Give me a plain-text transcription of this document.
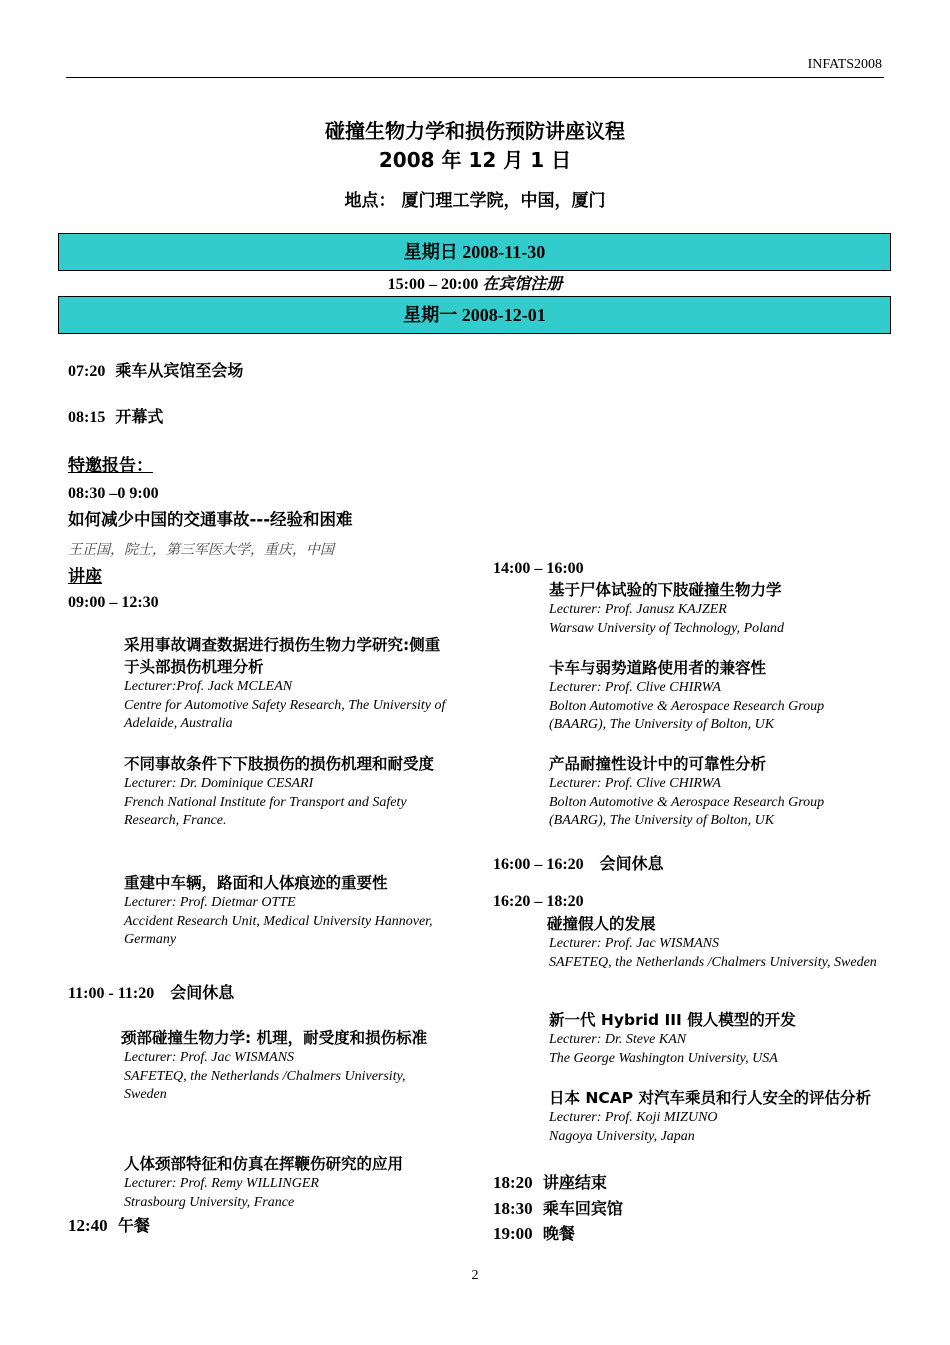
INFATS2008
碰撞生物力学和损伤预防讲座议程
2008 年 12 月 1 日
地点： 厦门理工学院，中国，厦门
星期日 2008-11-30
15:00 – 20:00 在宾馆注册
星期一 2008-12-01
07:20 乘车从宾馆至会场
08:15 开幕式
特邀报告：
08:30 –0 9:00
如何减少中国的交通事故---经验和困难
王正国，院士，第三军医大学，重庆，中国
讲座
09:00 – 12:30
采用事故调查数据进行损伤生物力学研究:侧重于头部损伤机理分析
Lecturer:Prof. Jack MCLEAN
Centre for Automotive Safety Research, The University of Adelaide, Australia
不同事故条件下下肢损伤的损伤机理和耐受度
Lecturer: Dr. Dominique CESARI
French National Institute for Transport and Safety Research, France.
重建中车辆，路面和人体痕迹的重要性
Lecturer: Prof. Dietmar OTTE
Accident Research Unit, Medical University Hannover, Germany
11:00 - 11:20 会间休息
颈部碰撞生物力学: 机理，耐受度和损伤标准
Lecturer: Prof. Jac WISMANS
SAFETEQ, the Netherlands /Chalmers University, Sweden
人体颈部特征和仿真在挥鞭伤研究的应用
Lecturer: Prof. Remy WILLINGER
Strasbourg University, France
12:40 午餐
14:00 – 16:00
基于尸体试验的下肢碰撞生物力学
Lecturer: Prof. Janusz KAJZER
Warsaw University of Technology, Poland
卡车与弱势道路使用者的兼容性
Lecturer: Prof. Clive CHIRWA
Bolton Automotive & Aerospace Research Group (BAARG), The University of Bolton, UK
产品耐撞性设计中的可靠性分析
Lecturer: Prof. Clive CHIRWA
Bolton Automotive & Aerospace Research Group (BAARG), The University of Bolton, UK
16:00 – 16:20 会间休息
16:20 – 18:20
碰撞假人的发展
Lecturer: Prof. Jac WISMANS
SAFETEQ, the Netherlands /Chalmers University, Sweden
新一代 Hybrid III 假人模型的开发
Lecturer: Dr. Steve KAN
The George Washington University, USA
日本 NCAP 对汽车乘员和行人安全的评估分析
Lecturer: Prof. Koji MIZUNO
Nagoya University, Japan
18:20 讲座结束
18:30 乘车回宾馆
19:00 晚餐
2
